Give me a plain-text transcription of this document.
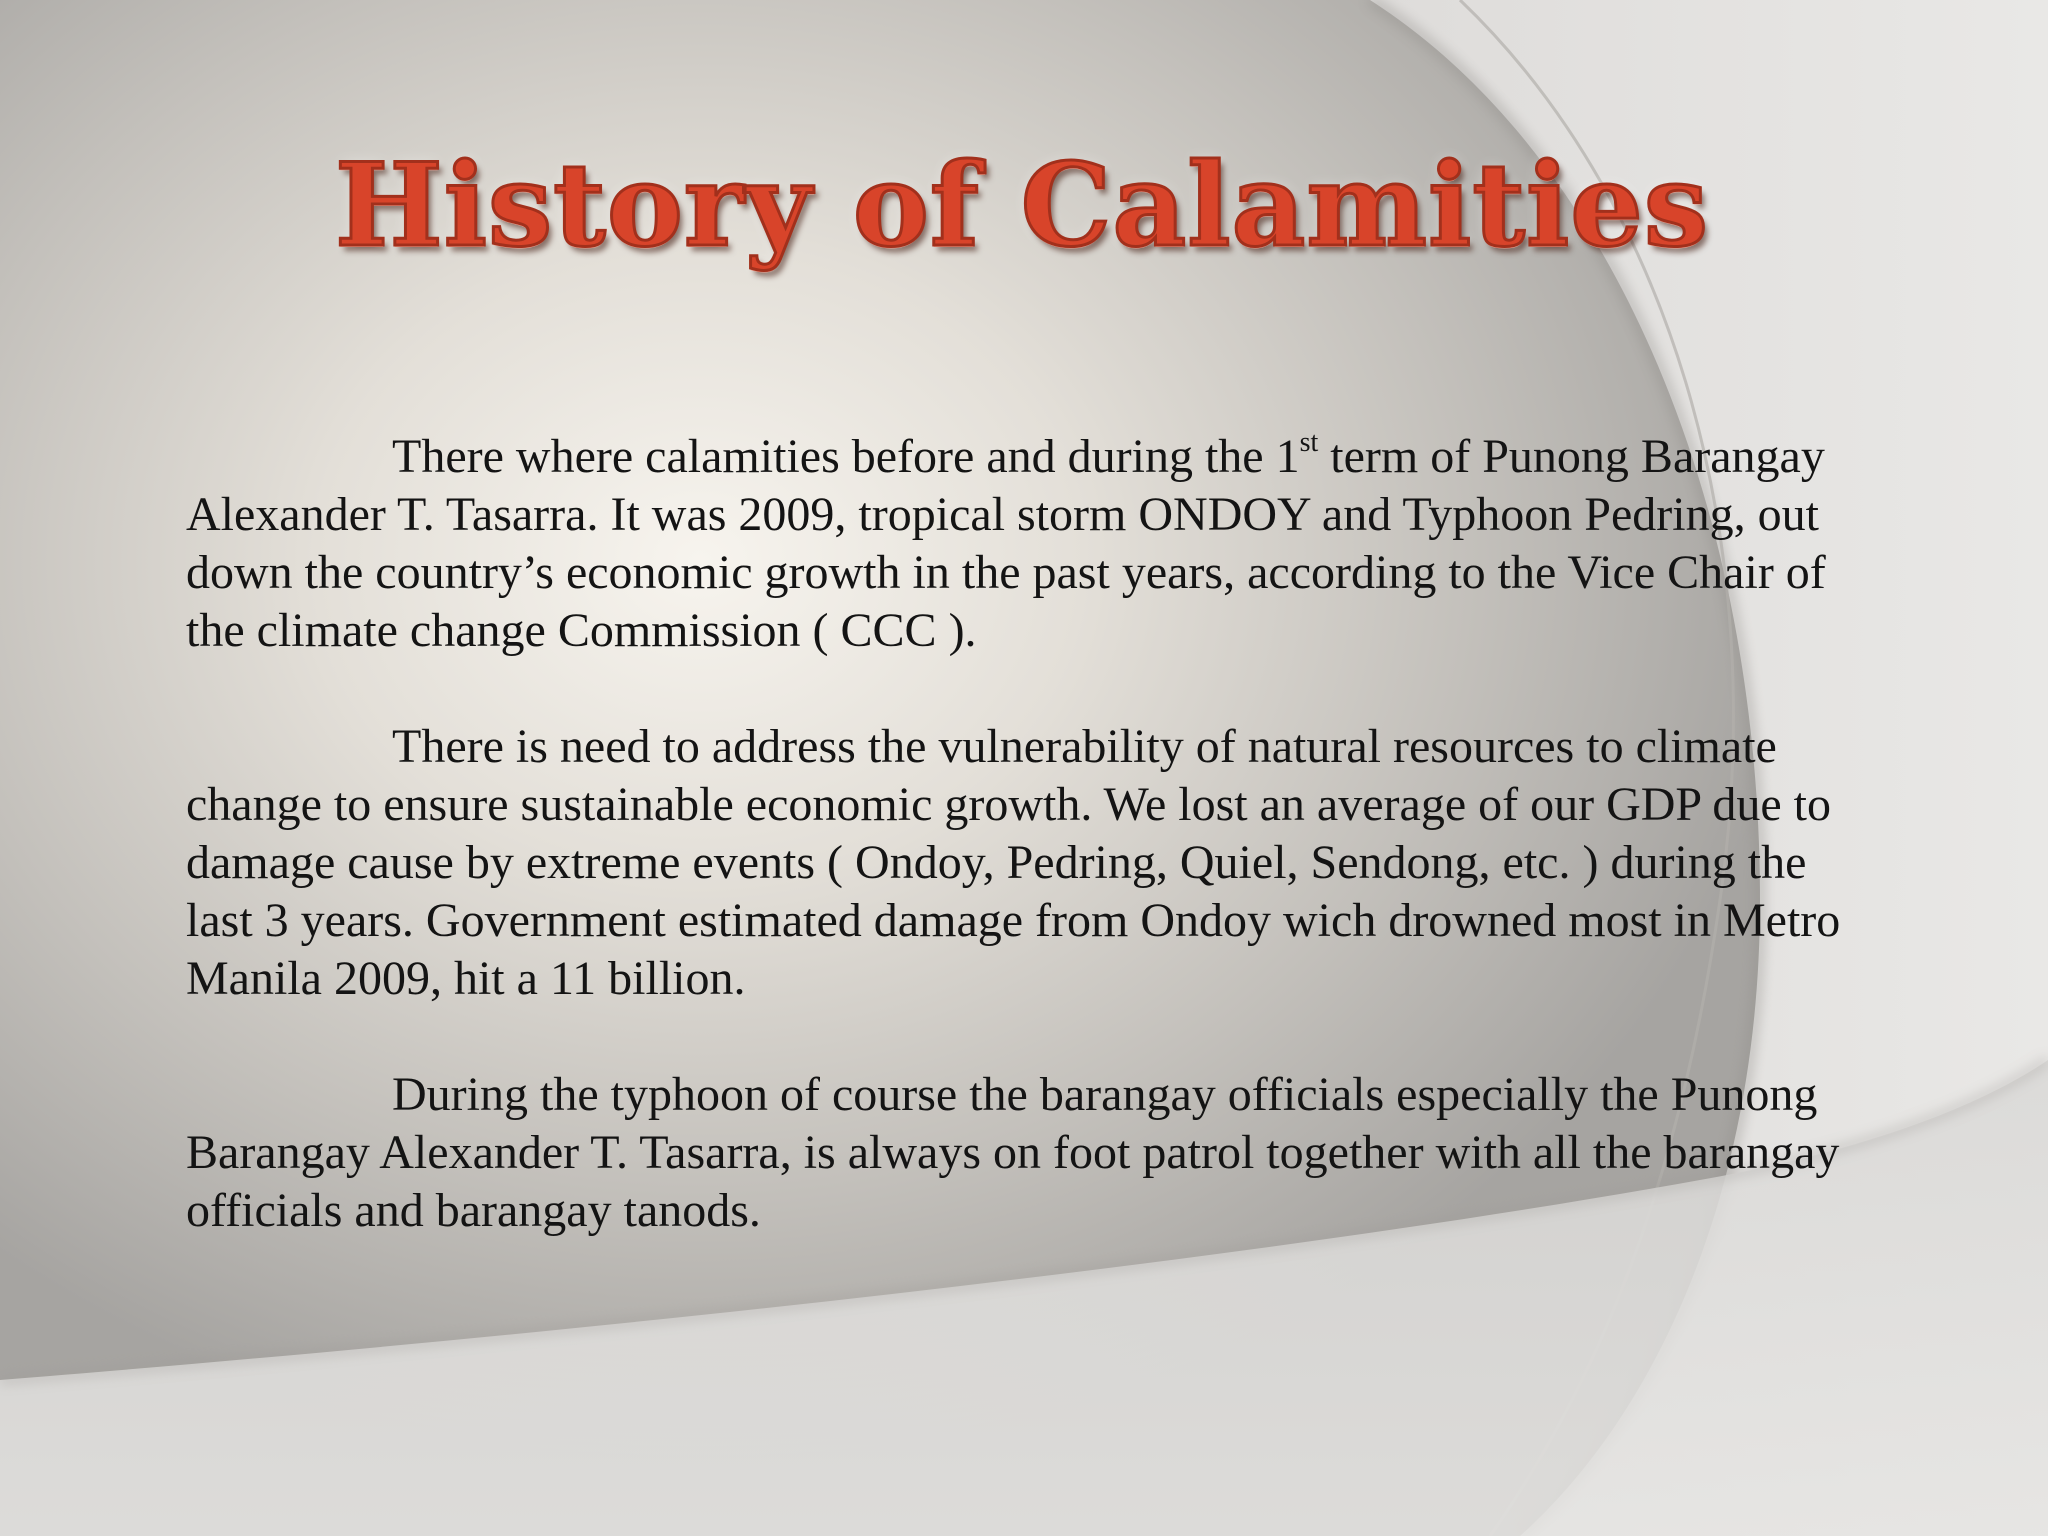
History of Calamities

There where calamities before and during the 1st term of Punong Barangay Alexander T. Tasarra. It was 2009, tropical storm ONDOY and Typhoon Pedring, out down the country’s economic growth in the past years, according to the Vice Chair of the climate change Commission ( CCC ).

There is need to address the vulnerability of natural resources to climate change to ensure sustainable economic growth. We lost an average of our GDP due to damage cause by extreme events ( Ondoy, Pedring, Quiel, Sendong, etc. ) during the last 3 years. Government estimated damage from Ondoy wich drowned most in Metro Manila 2009, hit a 11 billion.

During the typhoon of course the barangay officials especially the Punong Barangay Alexander T. Tasarra, is always on foot patrol together with all the barangay officials and barangay tanods.
